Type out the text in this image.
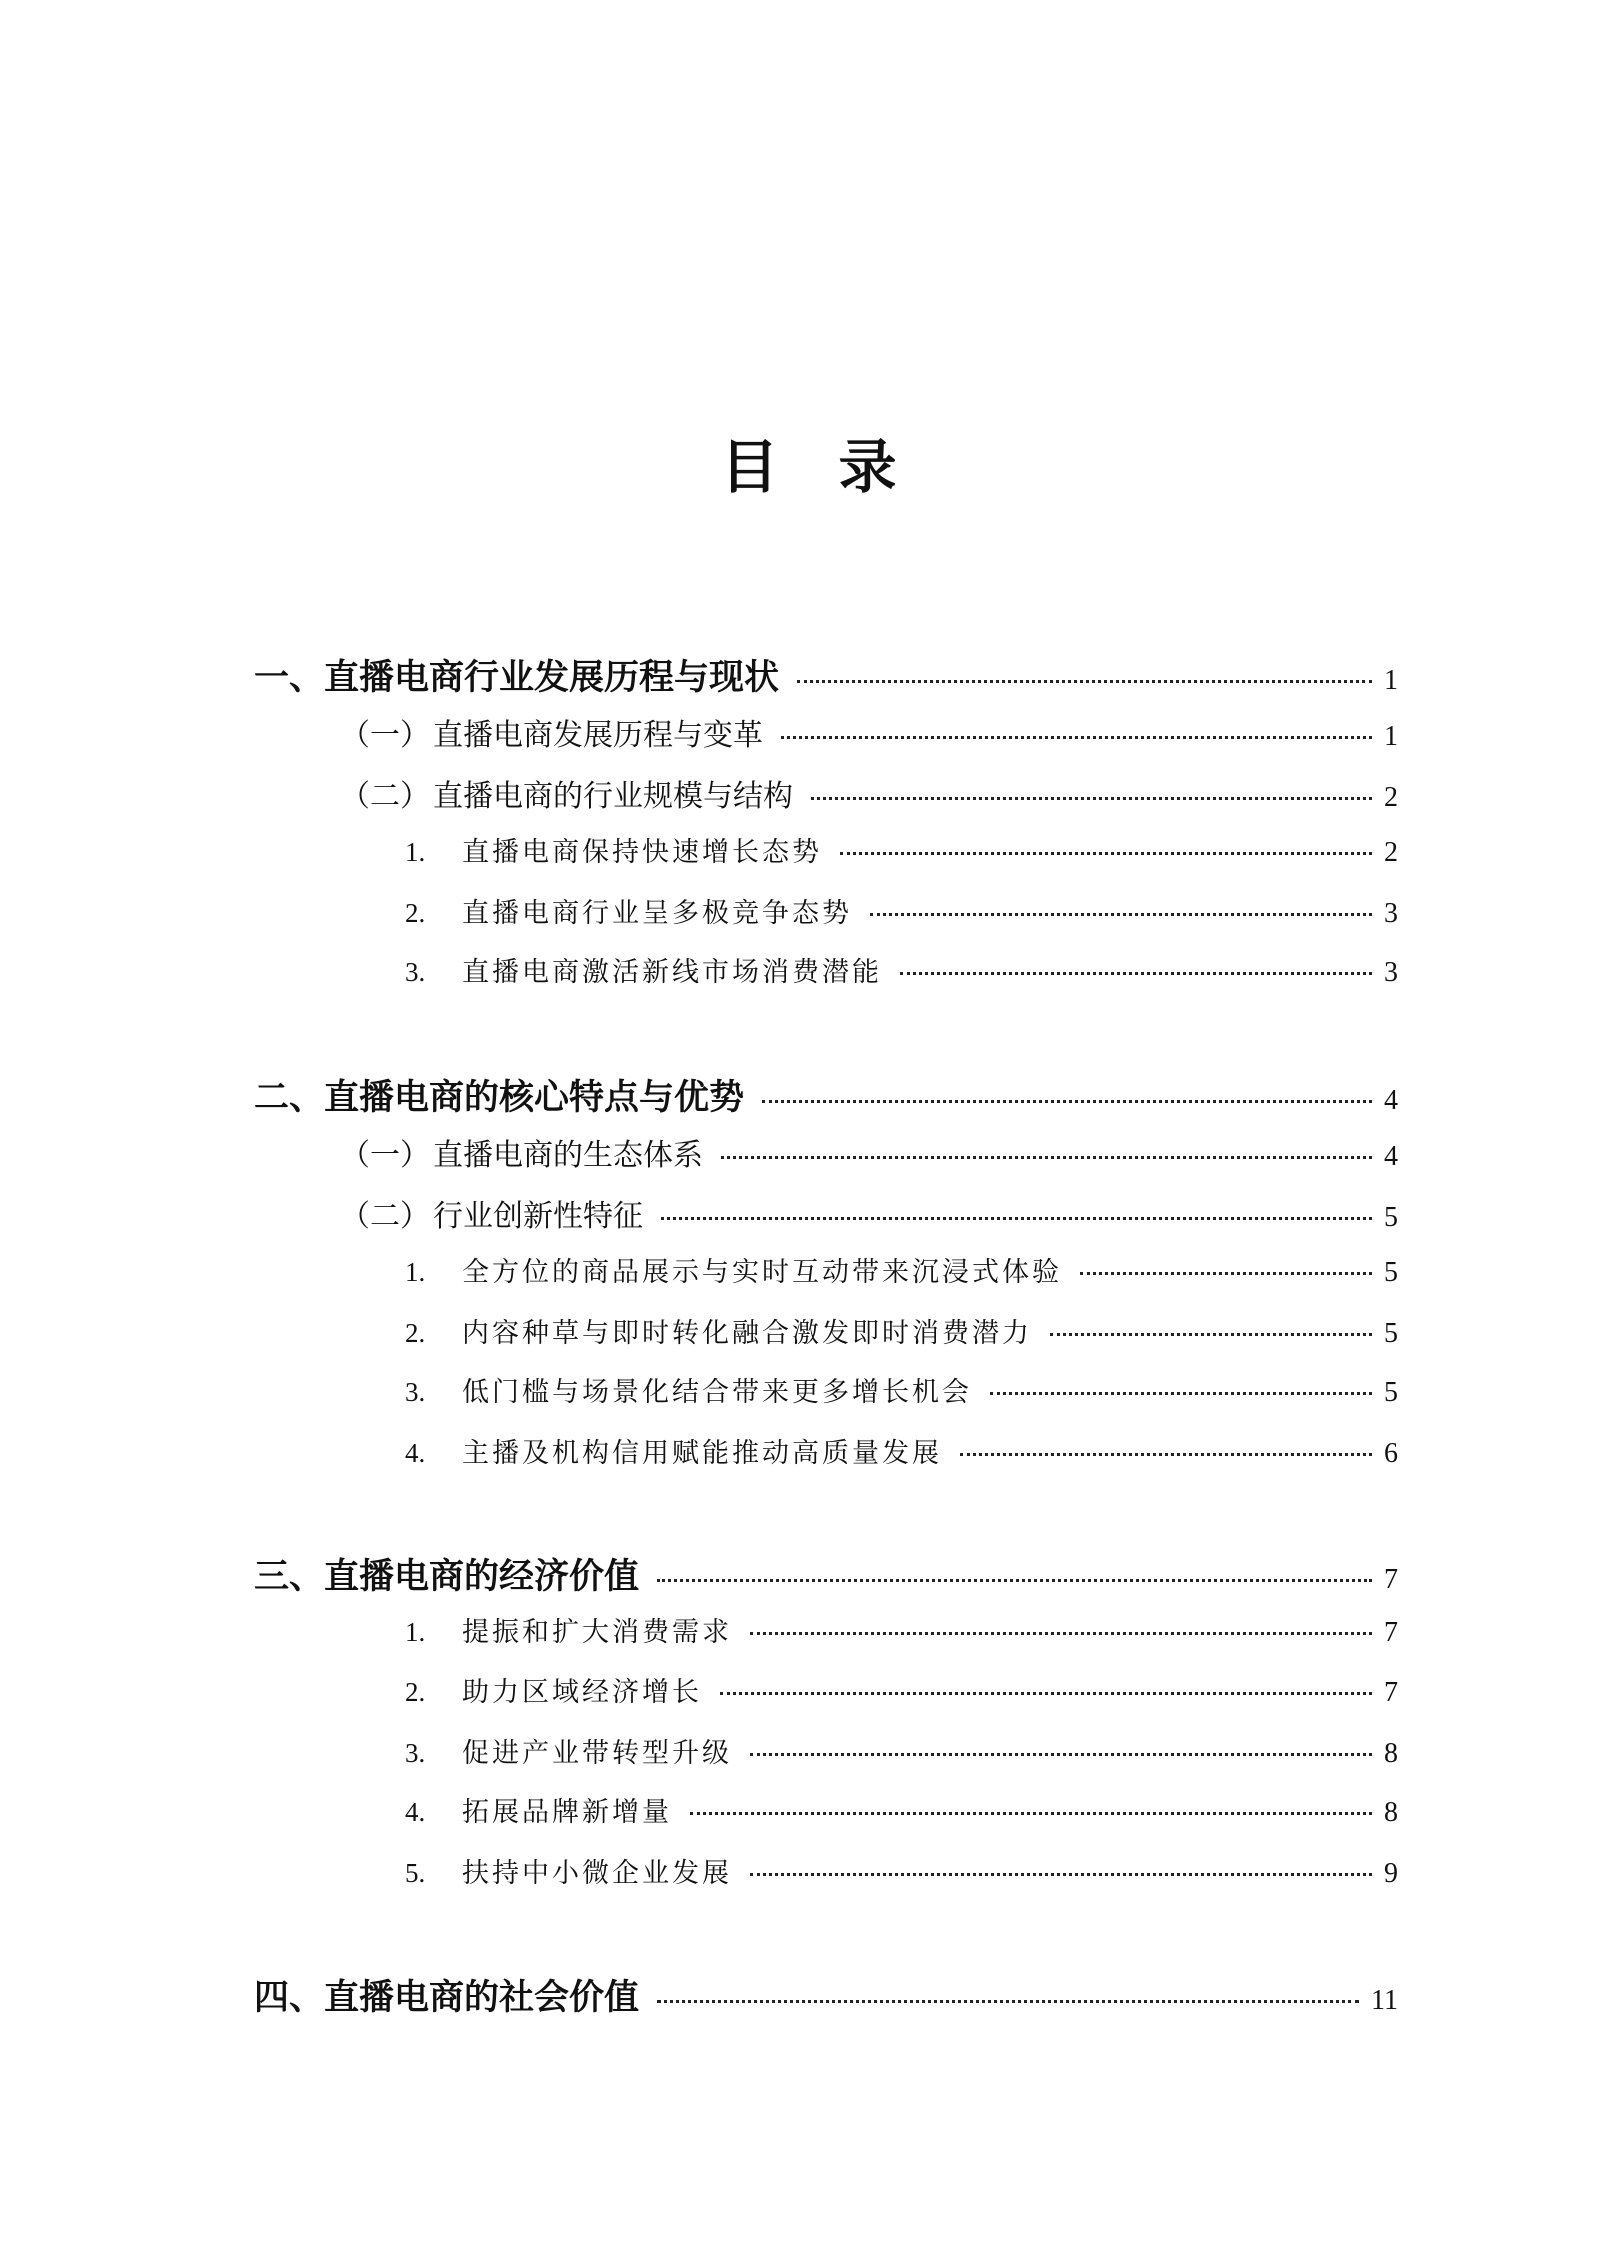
目录
一、直播电商行业发展历程与现状	1
（一） 直播电商发展历程与变革	1
（二） 直播电商的行业规模与结构	2
1.	直播电商保持快速增长态势	2
2.	直播电商行业呈多极竞争态势	3
3.	直播电商激活新线市场消费潜能	3
二、直播电商的核心特点与优势	4
（一） 直播电商的生态体系	4
（二） 行业创新性特征	5
1.	全方位的商品展示与实时互动带来沉浸式体验	5
2.	内容种草与即时转化融合激发即时消费潜力	5
3.	低门槛与场景化结合带来更多增长机会	5
4.	主播及机构信用赋能推动高质量发展	6
三、直播电商的经济价值	7
1.	提振和扩大消费需求	7
2.	助力区域经济增长	7
3.	促进产业带转型升级	8
4.	拓展品牌新增量	8
5.	扶持中小微企业发展	9
四、直播电商的社会价值	11
